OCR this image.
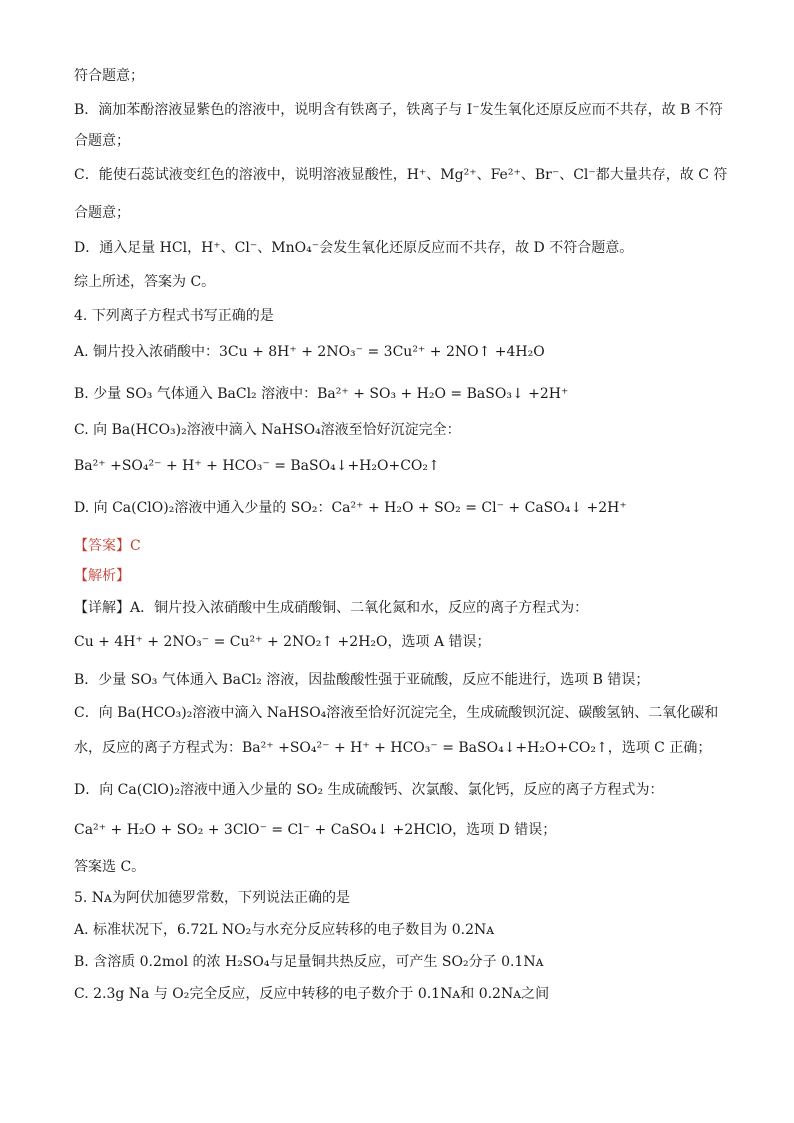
符合题意；
B．滴加苯酚溶液显紫色的溶液中，说明含有铁离子，铁离子与 I⁻发生氧化还原反应而不共存，故 B 不符
合题意；
C．能使石蕊试液变红色的溶液中，说明溶液显酸性，H⁺、Mg²⁺、Fe²⁺、Br⁻、Cl⁻都大量共存，故 C 符
合题意；
D．通入足量 HCl，H⁺、Cl⁻、MnO₄⁻会发生氧化还原反应而不共存，故 D 不符合题意。
综上所述，答案为 C。
4. 下列离子方程式书写正确的是
A. 铜片投入浓硝酸中：3Cu + 8H⁺ + 2NO₃⁻ = 3Cu²⁺ + 2NO↑ +4H₂O
B. 少量 SO₃ 气体通入 BaCl₂ 溶液中：Ba²⁺ + SO₃ + H₂O = BaSO₃↓ +2H⁺
C. 向 Ba(HCO₃)₂溶液中滴入 NaHSO₄溶液至恰好沉淀完全：
Ba²⁺ +SO₄²⁻ + H⁺ + HCO₃⁻ = BaSO₄↓+H₂O+CO₂↑
D. 向 Ca(ClO)₂溶液中通入少量的 SO₂：Ca²⁺ + H₂O + SO₂ = Cl⁻ + CaSO₄↓ +2H⁺
【答案】C
【解析】
【详解】A．铜片投入浓硝酸中生成硝酸铜、二氧化氮和水，反应的离子方程式为：
Cu + 4H⁺ + 2NO₃⁻ = Cu²⁺ + 2NO₂↑ +2H₂O，选项 A 错误；
B．少量 SO₃ 气体通入 BaCl₂ 溶液，因盐酸酸性强于亚硫酸，反应不能进行，选项 B 错误；
C．向 Ba(HCO₃)₂溶液中滴入 NaHSO₄溶液至恰好沉淀完全，生成硫酸钡沉淀、碳酸氢钠、二氧化碳和
水，反应的离子方程式为：Ba²⁺ +SO₄²⁻ + H⁺ + HCO₃⁻ = BaSO₄↓+H₂O+CO₂↑，选项 C 正确；
D．向 Ca(ClO)₂溶液中通入少量的 SO₂ 生成硫酸钙、次氯酸、氯化钙，反应的离子方程式为：
Ca²⁺ + H₂O + SO₂ + 3ClO⁻ = Cl⁻ + CaSO₄↓ +2HClO，选项 D 错误；
答案选 C。
5. Nᴀ为阿伏加德罗常数，下列说法正确的是
A. 标准状况下，6.72L NO₂与水充分反应转移的电子数目为 0.2Nᴀ
B. 含溶质 0.2mol 的浓 H₂SO₄与足量铜共热反应，可产生 SO₂分子 0.1Nᴀ
C. 2.3g Na 与 O₂完全反应，反应中转移的电子数介于 0.1Nᴀ和 0.2Nᴀ之间
